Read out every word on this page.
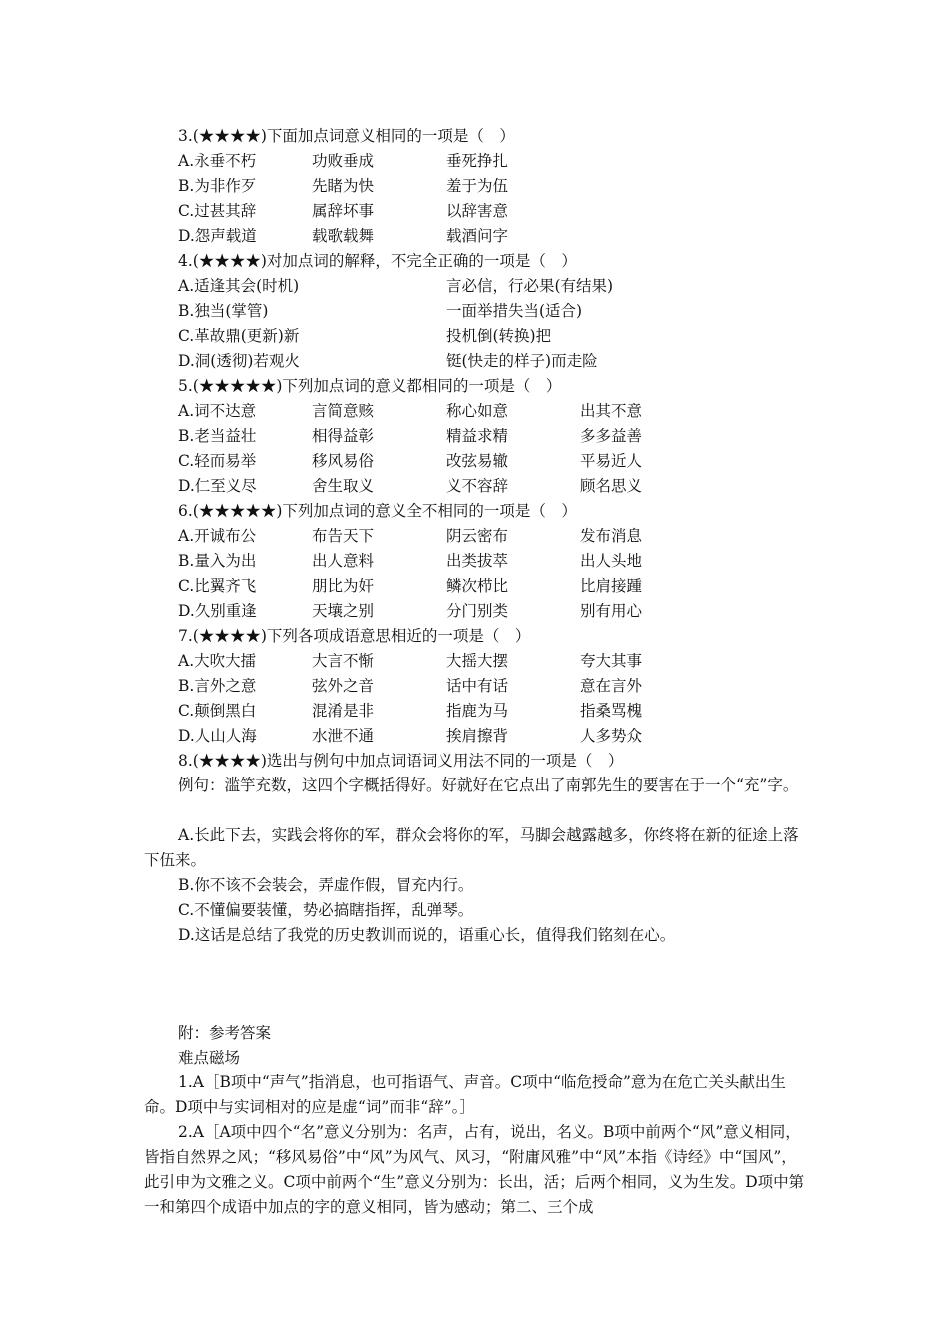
3.(★★★★)下面加点词意义相同的一项是（　）
A.永垂不朽	功败垂成	垂死挣扎
B.为非作歹	先睹为快	羞于为伍
C.过甚其辞	属辞坏事	以辞害意
D.怨声载道	载歌载舞	载酒问字
4.(★★★★)对加点词的解释，不完全正确的一项是（　）
A.适逢其会(时机)	言必信，行必果(有结果)
B.独当(掌管)	一面举措失当(适合)
C.革故鼎(更新)新	投机倒(转换)把
D.洞(透彻)若观火	铤(快走的样子)而走险
5.(★★★★★)下列加点词的意义都相同的一项是（　）
A.词不达意	言简意赅	称心如意	出其不意
B.老当益壮	相得益彰	精益求精	多多益善
C.轻而易举	移风易俗	改弦易辙	平易近人
D.仁至义尽	舍生取义	义不容辞	顾名思义
6.(★★★★★)下列加点词的意义全不相同的一项是（　）
A.开诚布公	布告天下	阴云密布	发布消息
B.量入为出	出人意料	出类拔萃	出人头地
C.比翼齐飞	朋比为奸	鳞次栉比	比肩接踵
D.久别重逢	天壤之别	分门别类	别有用心
7.(★★★★)下列各项成语意思相近的一项是（　）
A.大吹大擂	大言不惭	大摇大摆	夸大其事
B.言外之意	弦外之音	话中有话	意在言外
C.颠倒黑白	混淆是非	指鹿为马	指桑骂槐
D.人山人海	水泄不通	挨肩擦背	人多势众
8.(★★★★)选出与例句中加点词语词义用法不同的一项是（　）
例句：滥竽充数，这四个字概括得好。好就好在它点出了南郭先生的要害在于一个“充”字。
A.长此下去，实践会将你的军，群众会将你的军，马脚会越露越多，你终将在新的征途上落下伍来。
B.你不该不会装会，弄虚作假，冒充内行。
C.不懂偏要装懂，势必搞瞎指挥，乱弹琴。
D.这话是总结了我党的历史教训而说的，语重心长，值得我们铭刻在心。
附：参考答案
难点磁场
1.A［B项中“声气”指消息，也可指语气、声音。C项中“临危授命”意为在危亡关头献出生命。D项中与实词相对的应是虚“词”而非“辞”。］
2.A［A项中四个“名”意义分别为：名声，占有，说出，名义。B项中前两个“风”意义相同，皆指自然界之风；“移风易俗”中“风”为风气、风习，“附庸风雅”中“风”本指《诗经》中“国风”，此引申为文雅之义。C项中前两个“生”意义分别为：长出，活；后两个相同，义为生发。D项中第一和第四个成语中加点的字的意义相同，皆为感动；第二、三个成
